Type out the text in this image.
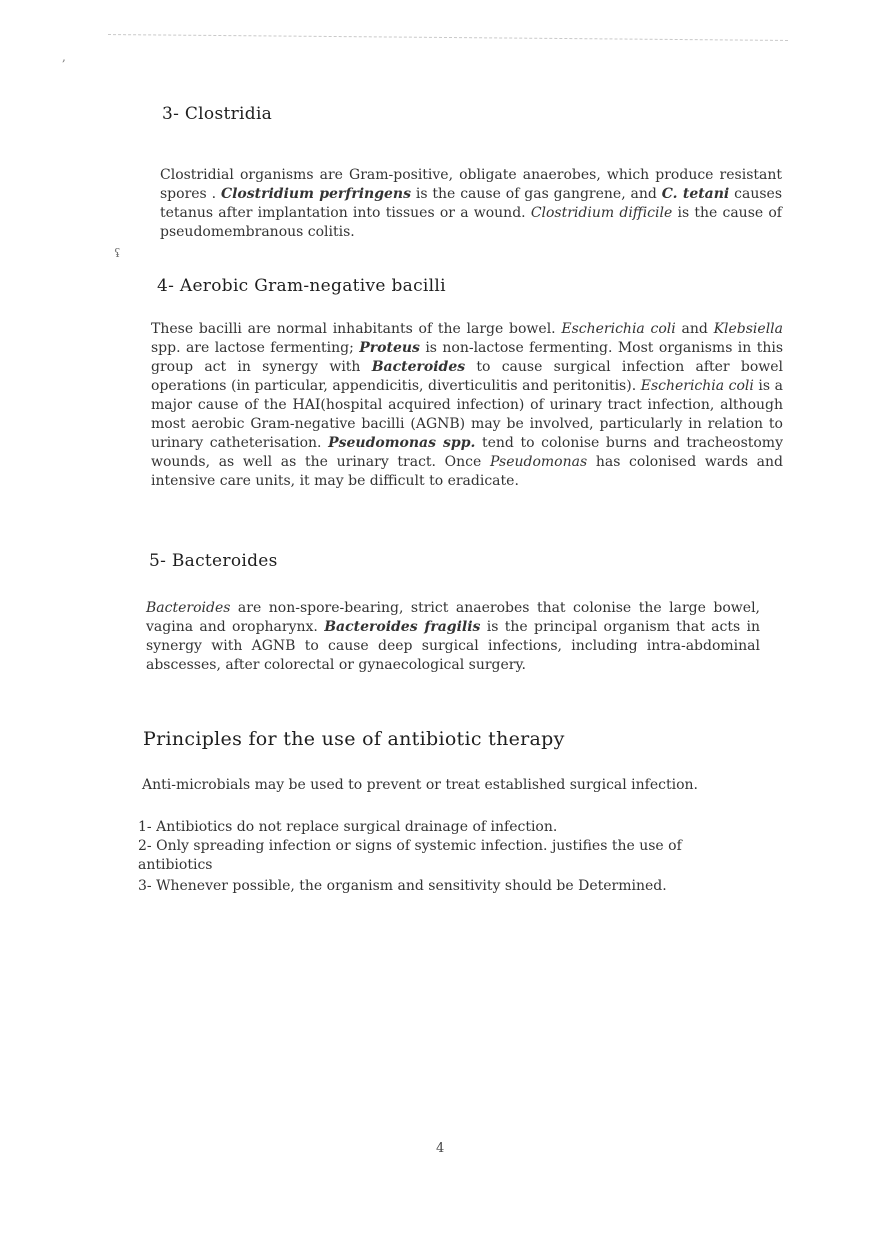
,
ʢ
3- Clostridia

Clostridial organisms are Gram-positive, obligate anaerobes, which produce resistant spores . Clostridium perfringens is the cause of gas gangrene, and C. tetani causes tetanus after implantation into tissues or a wound. Clostridium difficile is the cause of pseudomembranous colitis.

4- Aerobic Gram-negative bacilli

These bacilli are normal inhabitants of the large bowel. Escherichia coli and Klebsiella spp. are lactose fermenting; Proteus is non-lactose fermenting. Most organisms in this group act in synergy with Bacteroides to cause surgical infection after bowel operations (in particular, appendicitis, diverticulitis and peritonitis). Escherichia coli is a major cause of the HAI(hospital acquired infection) of urinary tract infection, although most aerobic Gram-negative bacilli (AGNB) may be involved, particularly in relation to urinary catheterisation. Pseudomonas spp. tend to colonise burns and tracheostomy wounds, as well as the urinary tract. Once Pseudomonas has colonised wards and intensive care units, it may be difficult to eradicate.

5- Bacteroides

Bacteroides are non-spore-bearing, strict anaerobes that colonise the large bowel, vagina and oropharynx. Bacteroides fragilis is the principal organism that acts in synergy with AGNB to cause deep surgical infections, including intra-abdominal abscesses, after colorectal or gynaecological surgery.

Principles for the use of antibiotic therapy

Anti-microbials may be used to prevent or treat established surgical infection.

1- Antibiotics do not replace surgical drainage of infection.
2- Only spreading infection or signs of systemic infection. justifies the use of antibiotics
3- Whenever possible, the organism and sensitivity should be Determined.
4
